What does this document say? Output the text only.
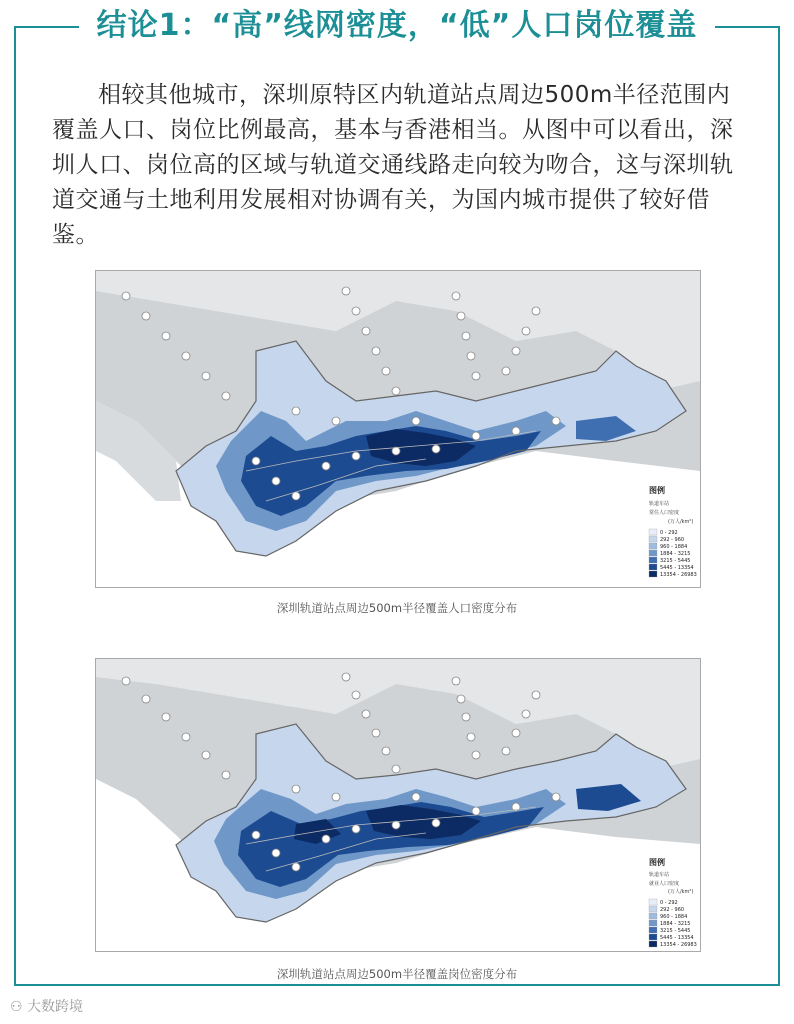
结论1：“高”线网密度，“低”人口岗位覆盖
相较其他城市，深圳原特区内轨道站点周边500m半径范围内覆盖人口、岗位比例最高，基本与香港相当。从图中可以看出，深圳人口、岗位高的区域与轨道交通线路走向较为吻合，这与深圳轨道交通与土地利用发展相对协调有关，为国内城市提供了较好借鉴。
图例
轨道车站
常住人口密度
(万人/km²)
0 - 292
292 - 960
960 - 1884
1884 - 3215
3215 - 5445
5445 - 13354
13354 - 26983
深圳轨道站点周边500m半径覆盖人口密度分布
图例
轨道车站
就业人口密度
(万人/km²)
0 - 292
292 - 960
960 - 1884
1884 - 3215
3215 - 5445
5445 - 13354
13354 - 26983
深圳轨道站点周边500m半径覆盖岗位密度分布
⚇ 大数跨境
